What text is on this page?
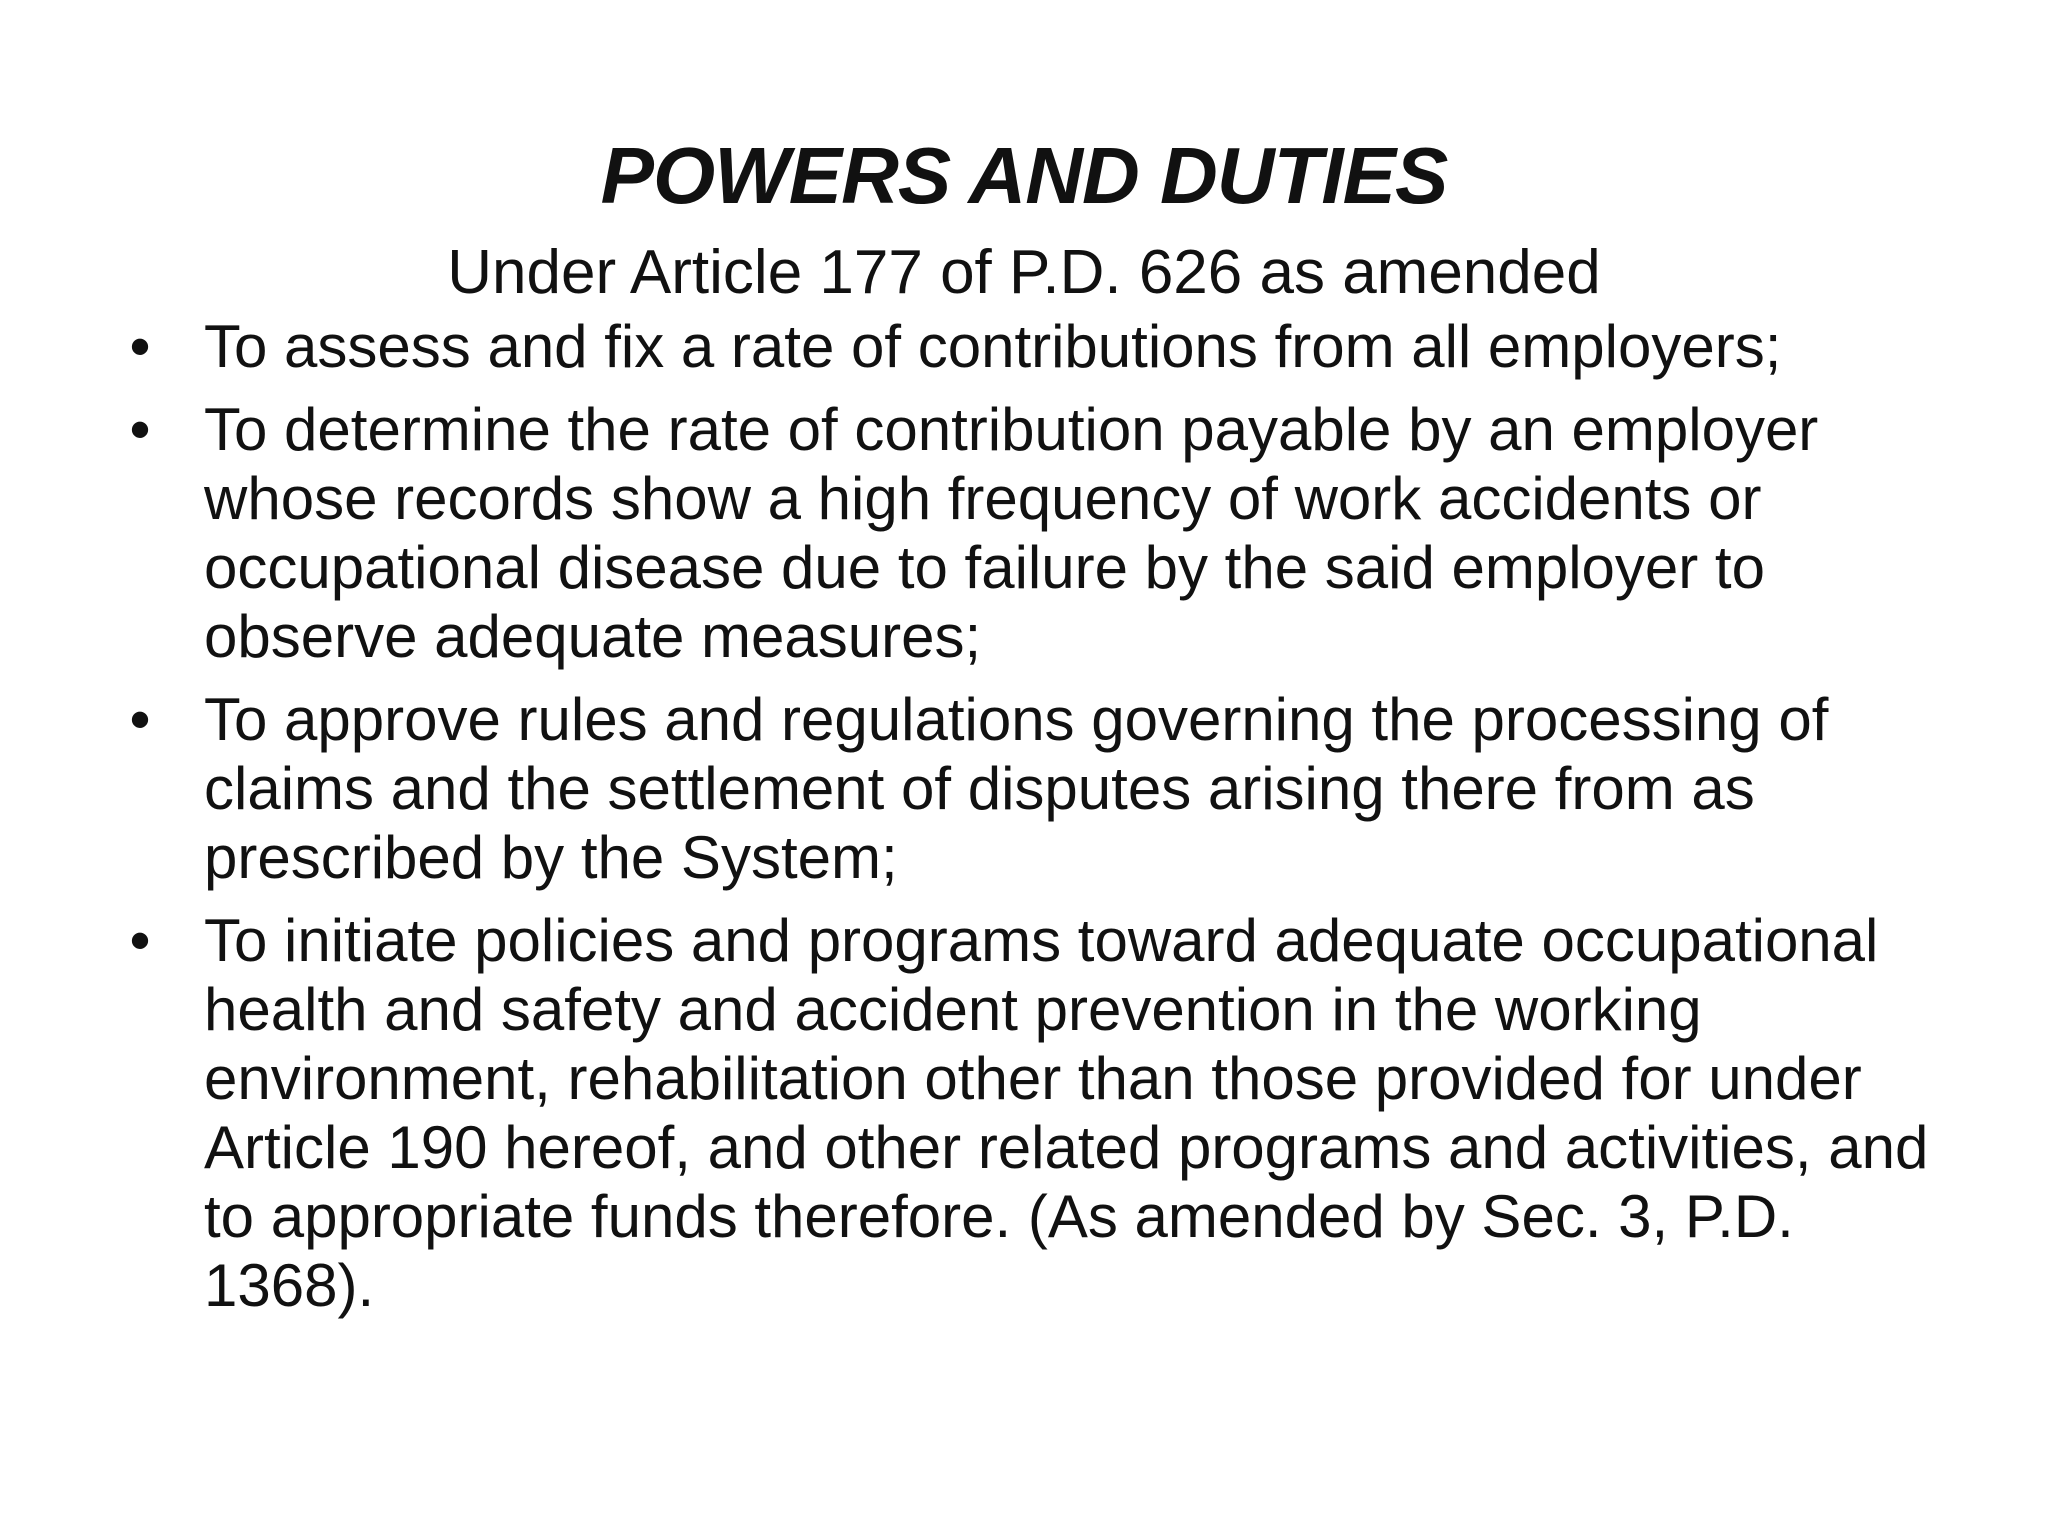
POWERS AND DUTIES
Under Article 177 of P.D. 626 as amended
• To assess and fix a rate of contributions from all employers;
• To determine the rate of contribution payable by an employer whose records show a high frequency of work accidents or occupational disease due to failure by the said employer to observe adequate measures;
• To approve rules and regulations governing the processing of claims and the settlement of disputes arising there from as prescribed by the System;
• To initiate policies and programs toward adequate occupational health and safety and accident prevention in the working environment, rehabilitation other than those provided for under Article 190 hereof, and other related programs and activities, and to appropriate funds therefore. (As amended by Sec. 3, P.D. 1368).
